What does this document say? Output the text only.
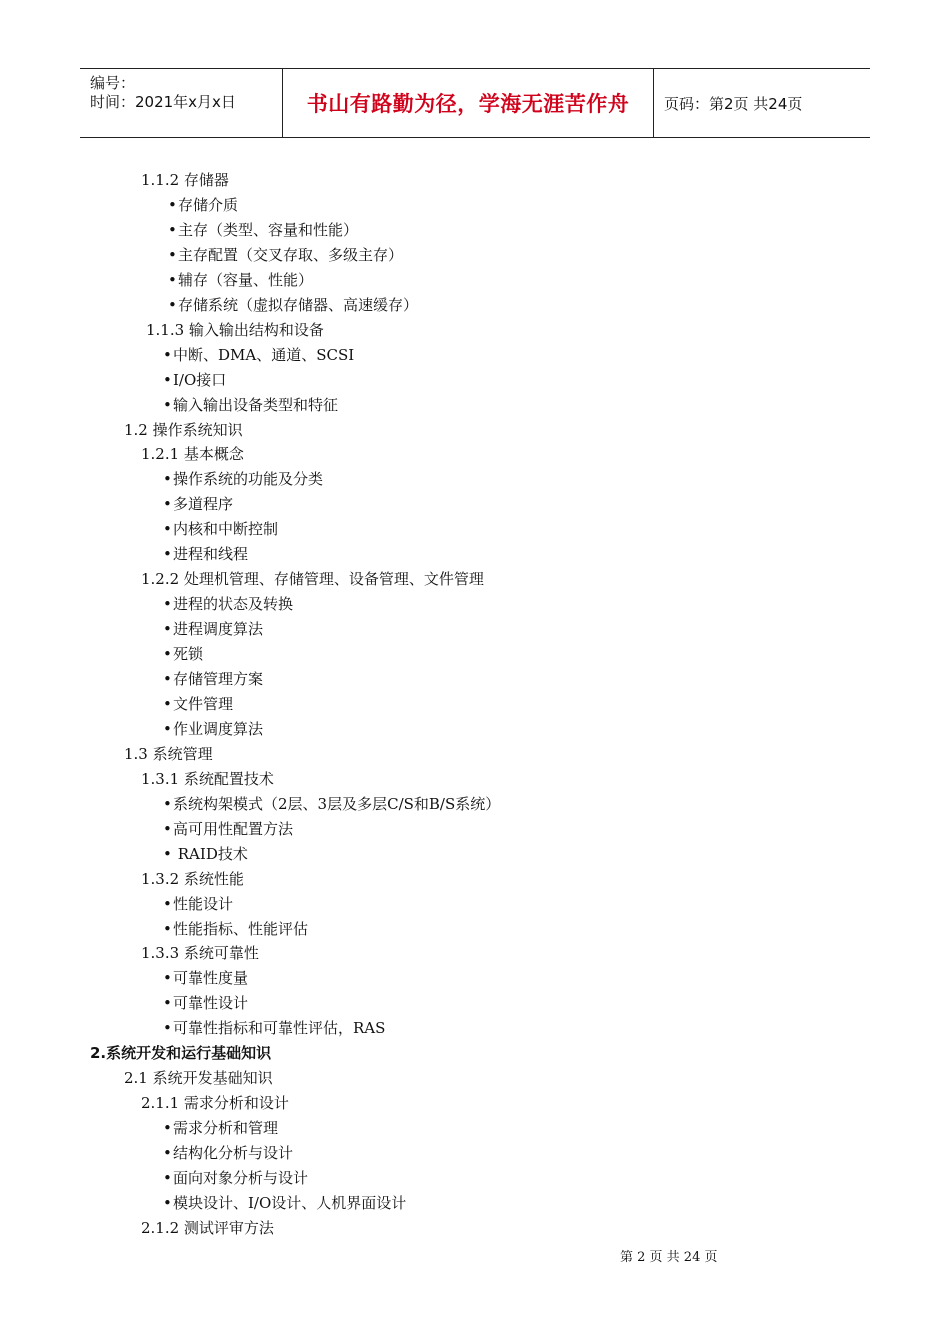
编号：
时间：2021年x月x日	书山有路勤为径，学海无涯苦作舟	页码：第2页 共24页
1.1.2 存储器
•存储介质
•主存（类型、容量和性能）
•主存配置（交叉存取、多级主存）
•辅存（容量、性能）
•存储系统（虚拟存储器、高速缓存）
1.1.3 输入输出结构和设备
•中断、DMA、通道、SCSI
•I/O接口
•输入输出设备类型和特征
1.2 操作系统知识
1.2.1 基本概念
•操作系统的功能及分类
•多道程序
•内核和中断控制
•进程和线程
1.2.2 处理机管理、存储管理、设备管理、文件管理
•进程的状态及转换
•进程调度算法
•死锁
•存储管理方案
•文件管理
•作业调度算法
1.3 系统管理
1.3.1 系统配置技术
•系统构架模式（2层、3层及多层C/S和B/S系统）
•高可用性配置方法
• RAID技术
1.3.2 系统性能
•性能设计
•性能指标、性能评估
1.3.3 系统可靠性
•可靠性度量
•可靠性设计
•可靠性指标和可靠性评估，RAS
2.系统开发和运行基础知识
2.1 系统开发基础知识
2.1.1 需求分析和设计
•需求分析和管理
•结构化分析与设计
•面向对象分析与设计
•模块设计、I/O设计、人机界面设计
2.1.2 测试评审方法
第 2 页 共 24 页
